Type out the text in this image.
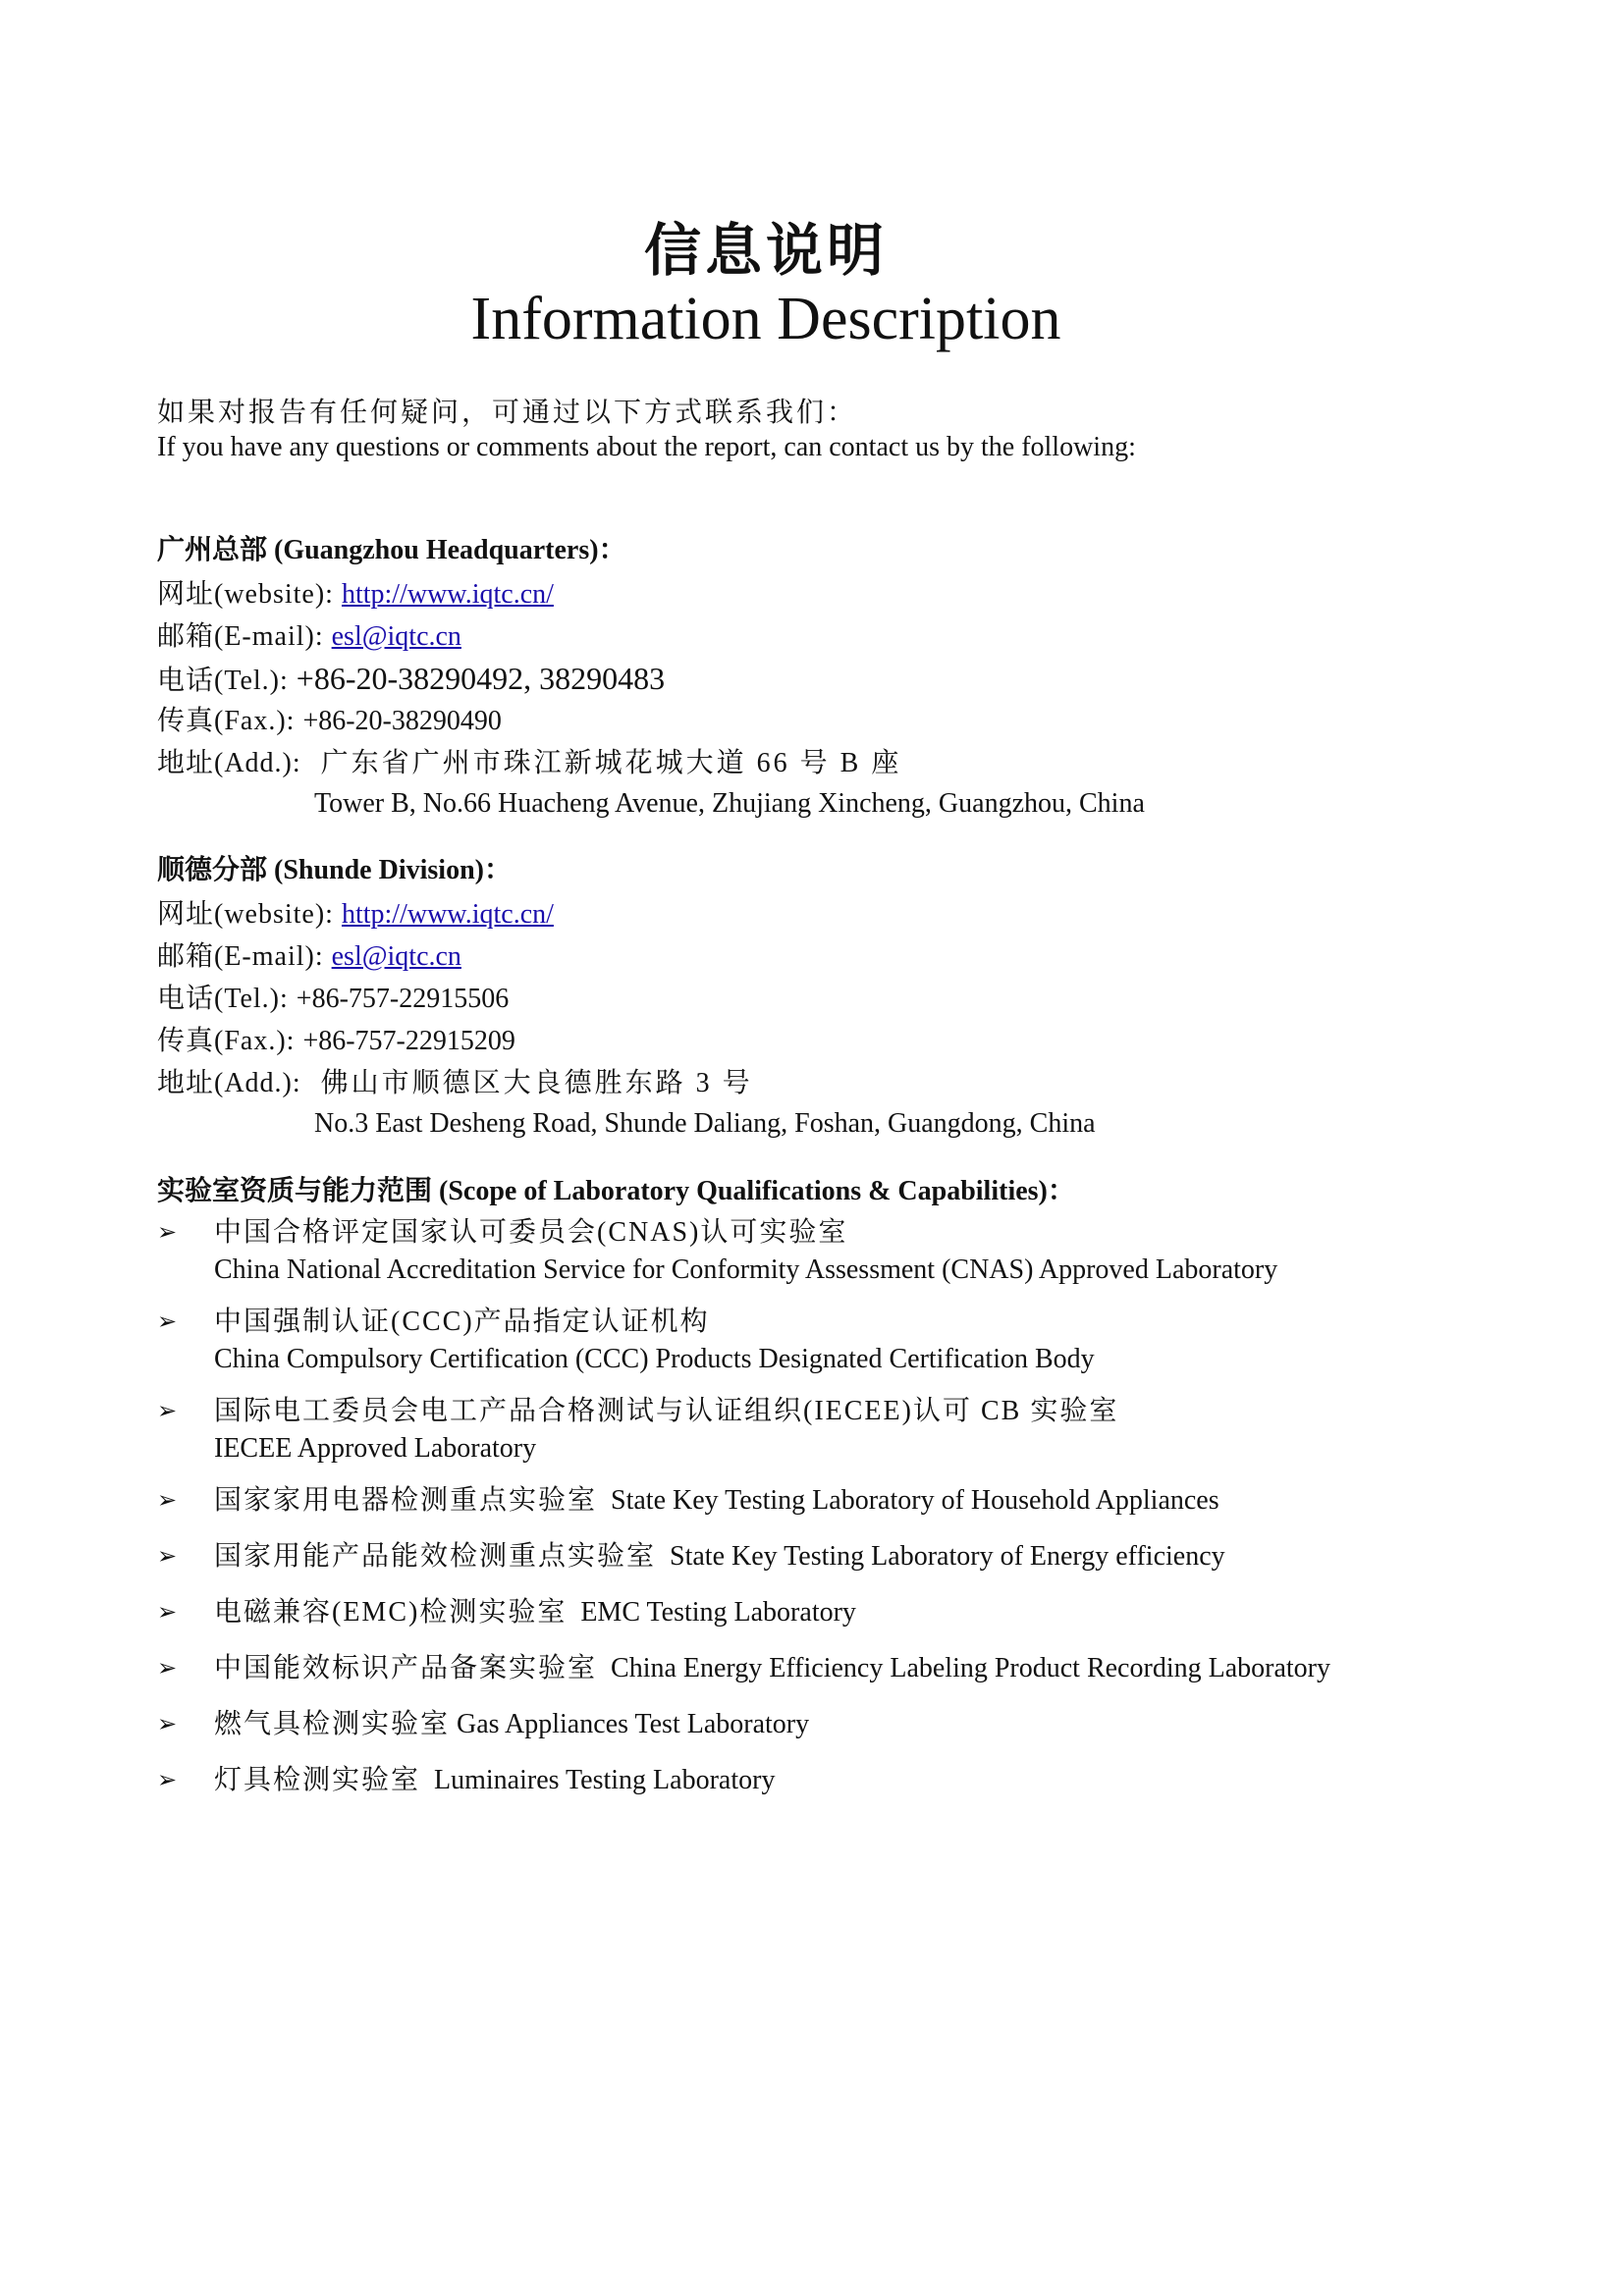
信息说明
Information Description
如果对报告有任何疑问，可通过以下方式联系我们：
If you have any questions or comments about the report, can contact us by the following:
广州总部 (Guangzhou Headquarters)：
网址(website): http://www.iqtc.cn/
邮箱(E-mail): esl@iqtc.cn
电话(Tel.): +86-20-38290492, 38290483
传真(Fax.): +86-20-38290490
地址(Add.): 广东省广州市珠江新城花城大道 66 号 B 座
Tower B, No.66 Huacheng Avenue, Zhujiang Xincheng, Guangzhou, China
顺德分部 (Shunde Division)：
网址(website): http://www.iqtc.cn/
邮箱(E-mail): esl@iqtc.cn
电话(Tel.): +86-757-22915506
传真(Fax.): +86-757-22915209
地址(Add.): 佛山市顺德区大良德胜东路 3 号
No.3 East Desheng Road, Shunde Daliang, Foshan, Guangdong, China
实验室资质与能力范围 (Scope of Laboratory Qualifications & Capabilities)：
➢ 中国合格评定国家认可委员会(CNAS)认可实验室
China National Accreditation Service for Conformity Assessment (CNAS) Approved Laboratory
➢ 中国强制认证(CCC)产品指定认证机构
China Compulsory Certification (CCC) Products Designated Certification Body
➢ 国际电工委员会电工产品合格测试与认证组织(IECEE)认可 CB 实验室
IECEE Approved Laboratory
➢ 国家家用电器检测重点实验室 State Key Testing Laboratory of Household Appliances
➢ 国家用能产品能效检测重点实验室 State Key Testing Laboratory of Energy efficiency
➢ 电磁兼容(EMC)检测实验室 EMC Testing Laboratory
➢ 中国能效标识产品备案实验室 China Energy Efficiency Labeling Product Recording Laboratory
➢ 燃气具检测实验室 Gas Appliances Test Laboratory
➢ 灯具检测实验室 Luminaires Testing Laboratory
